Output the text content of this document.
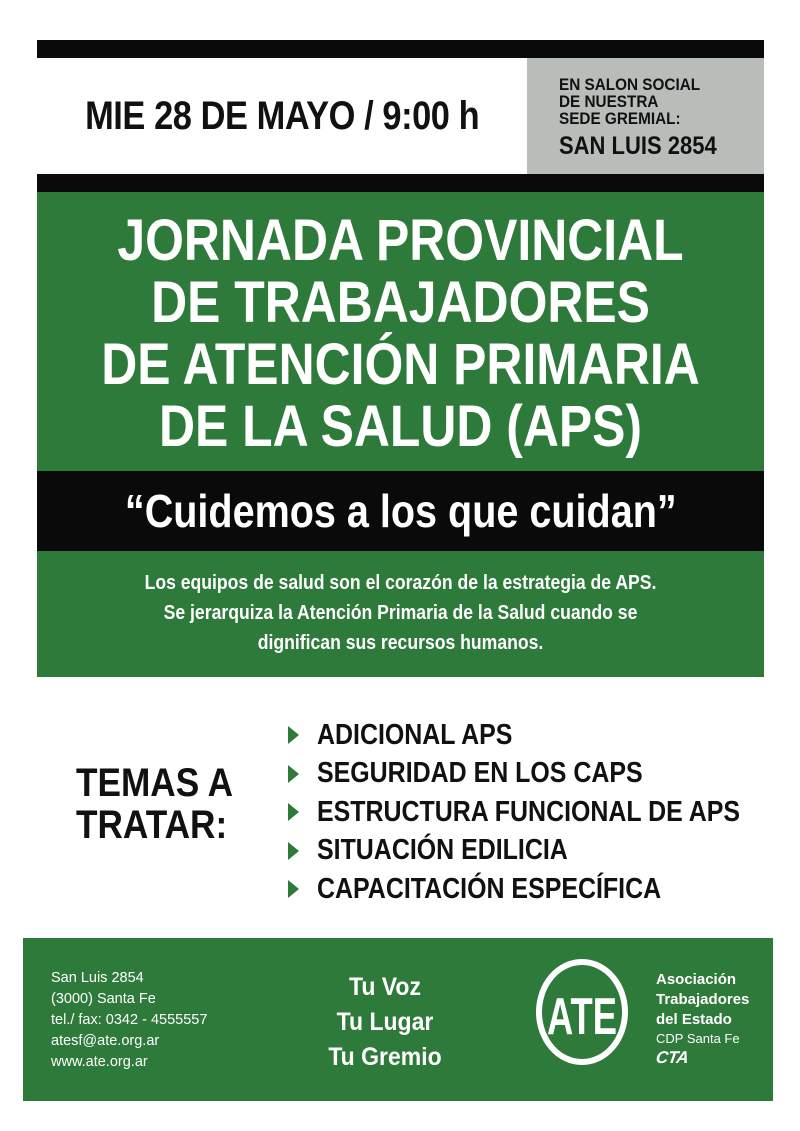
MIE 28 DE MAYO / 9:00 h
EN SALON SOCIAL
DE NUESTRA
SEDE GREMIAL:
SAN LUIS 2854
JORNADA PROVINCIAL
DE TRABAJADORES
DE ATENCIÓN PRIMARIA
DE LA SALUD (APS)
“Cuidemos a los que cuidan”
Los equipos de salud son el corazón de la estrategia de APS.
Se jerarquiza la Atención Primaria de la Salud cuando se
dignifican sus recursos humanos.
TEMAS A
TRATAR:
ADICIONAL APS
SEGURIDAD EN LOS CAPS
ESTRUCTURA FUNCIONAL DE APS
SITUACIÓN EDILICIA
CAPACITACIÓN ESPECÍFICA
San Luis 2854
(3000) Santa Fe
tel./ fax: 0342 - 4555557
atesf@ate.org.ar
www.ate.org.ar
Tu Voz
Tu Lugar
Tu Gremio
ATE
Asociación
Trabajadores
del Estado
CDP Santa Fe
CTA
